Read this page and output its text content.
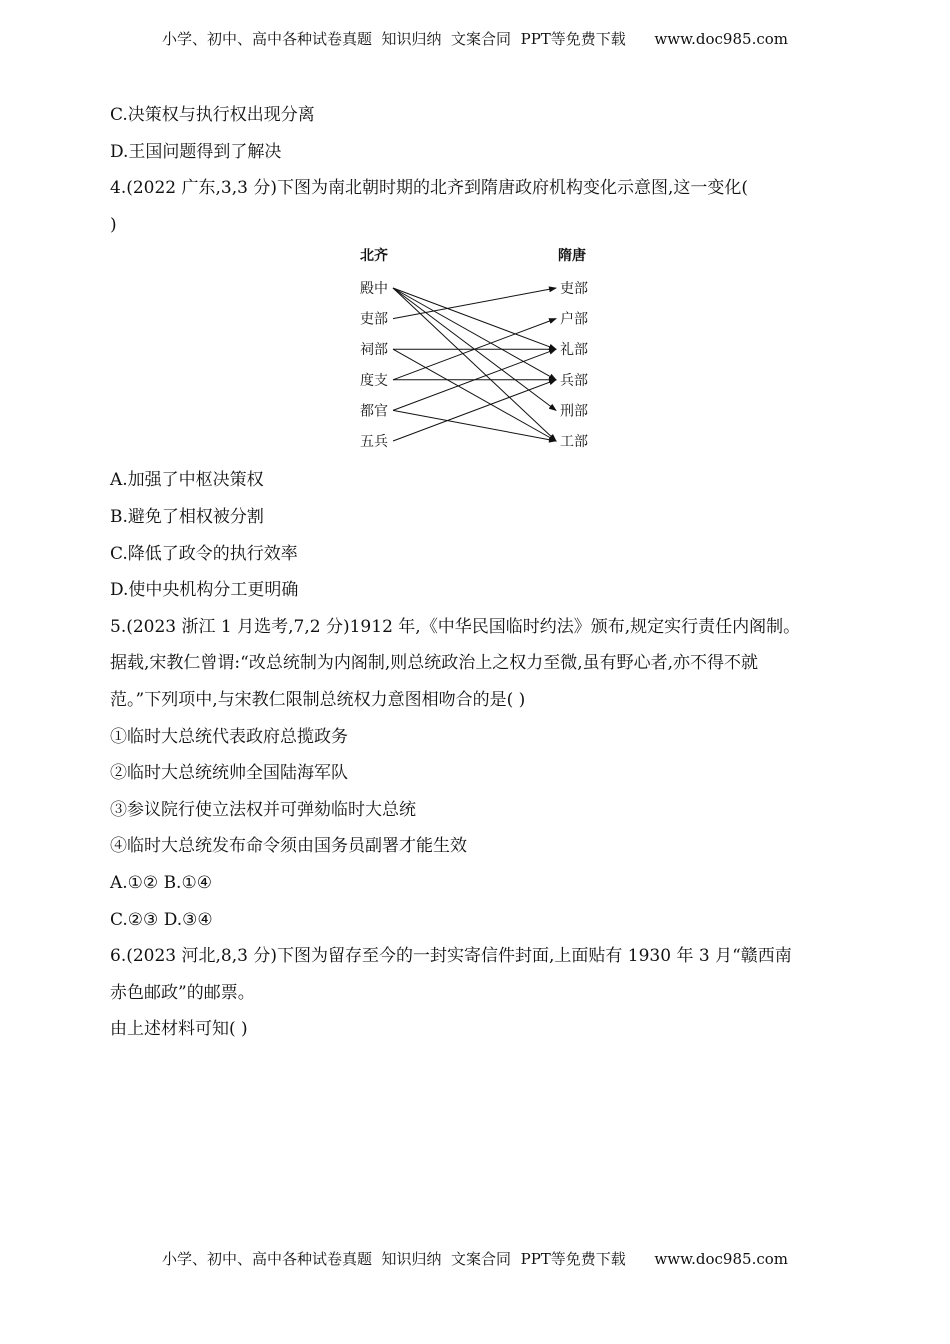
小学、初中、高中各种试卷真题  知识归纳  文案合同  PPT等免费下载      www.doc985.com
C.决策权与执行权出现分离
D.王国问题得到了解决
4.(2022 广东,3,3 分)下图为南北朝时期的北齐到隋唐政府机构变化示意图,这一变化(
)
A.加强了中枢决策权
B.避免了相权被分割
C.降低了政令的执行效率
D.使中央机构分工更明确
5.(2023 浙江 1 月选考,7,2 分)1912 年,《中华民国临时约法》颁布,规定实行责任内阁制。
据载,宋教仁曾谓:“改总统制为内阁制,则总统政治上之权力至微,虽有野心者,亦不得不就
范。”下列项中,与宋教仁限制总统权力意图相吻合的是( )
①临时大总统代表政府总揽政务
②临时大总统统帅全国陆海军队
③参议院行使立法权并可弹劾临时大总统
④临时大总统发布命令须由国务员副署才能生效
A.①② B.①④
C.②③ D.③④
6.(2023 河北,8,3 分)下图为留存至今的一封实寄信件封面,上面贴有 1930 年 3 月“赣西南
赤色邮政”的邮票。
由上述材料可知( )
北齐	隋唐
殿中
吏部
祠部
度支
都官
五兵
吏部
户部
礼部
兵部
刑部
工部
小学、初中、高中各种试卷真题  知识归纳  文案合同  PPT等免费下载      www.doc985.com
